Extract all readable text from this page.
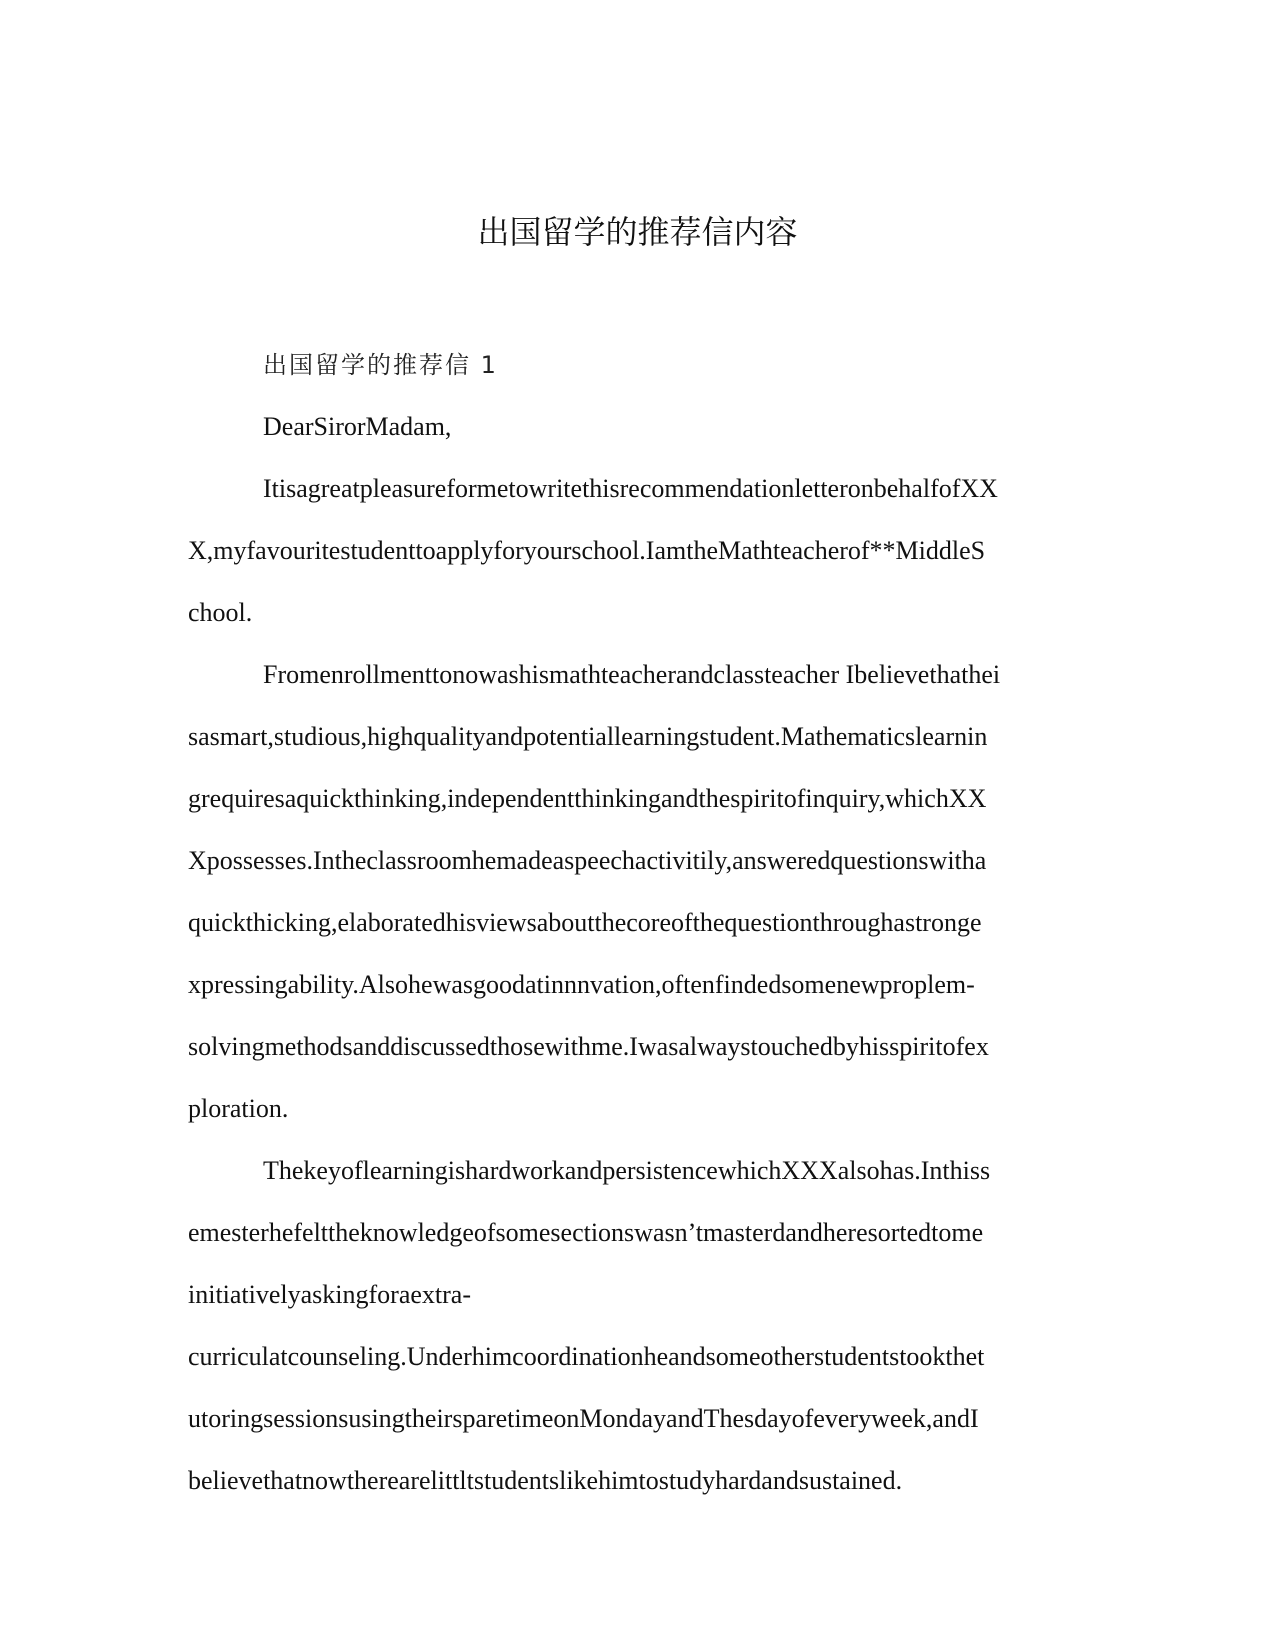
出国留学的推荐信内容
出国留学的推荐信 1
DearSirorMadam,
ItisagreatpleasureformetowritethisrecommendationletteronbehalfofXX
X,myfavouritestudenttoapplyforyourschool.IamtheMathteacherof**MiddleS
chool.
Fromenrollmenttonowashismathteacherandclassteacher Ibelievethathei
sasmart,studious,highqualityandpotentiallearningstudent.Mathematicslearnin
grequiresaquickthinking,independentthinkingandthespiritofinquiry,whichXX
Xpossesses.Intheclassroomhemadeaspeechactivitily,answeredquestionswitha
quickthicking,elaboratedhisviewsaboutthecoreofthequestionthroughastronge
xpressingability.Alsohewasgoodatinnnvation,oftenfindedsomenewproplem-
solvingmethodsanddiscussedthosewithme.Iwasalwaystouchedbyhisspiritofex
ploration.
ThekeyoflearningishardworkandpersistencewhichXXXalsohas.Inthiss
emesterhefelttheknowledgeofsomesectionswasn’tmasterdandheresortedtome
initiativelyaskingforaextra-
curriculatcounseling.Underhimcoordinationheandsomeotherstudentstookthet
utoringsessionsusingtheirsparetimeonMondayandThesdayofeveryweek,andI
believethatnowtherearelittltstudentslikehimtostudyhardandsustained.
